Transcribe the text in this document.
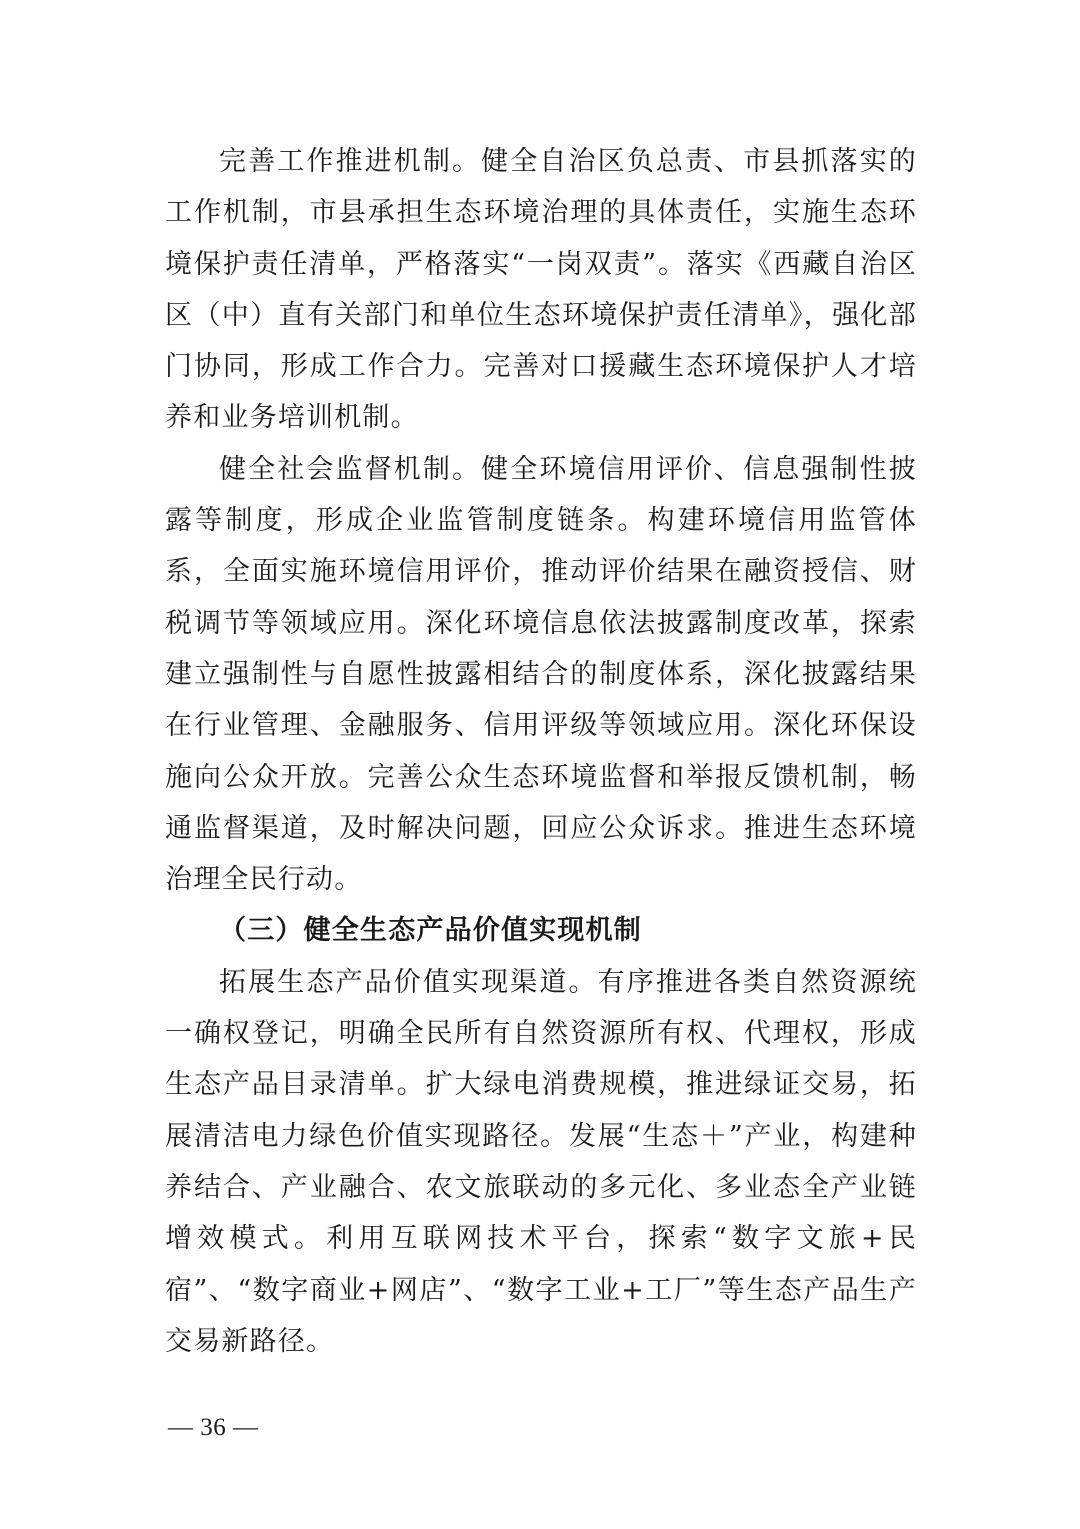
完善工作推进机制。健全自治区负总责、市县抓落实的工作机制，市县承担生态环境治理的具体责任，实施生态环境保护责任清单，严格落实“一岗双责”。落实《西藏自治区区（中）直有关部门和单位生态环境保护责任清单》，强化部门协同，形成工作合力。完善对口援藏生态环境保护人才培养和业务培训机制。

健全社会监督机制。健全环境信用评价、信息强制性披露等制度，形成企业监管制度链条。构建环境信用监管体系，全面实施环境信用评价，推动评价结果在融资授信、财税调节等领域应用。深化环境信息依法披露制度改革，探索建立强制性与自愿性披露相结合的制度体系，深化披露结果在行业管理、金融服务、信用评级等领域应用。深化环保设施向公众开放。完善公众生态环境监督和举报反馈机制，畅通监督渠道，及时解决问题，回应公众诉求。推进生态环境治理全民行动。

（三）健全生态产品价值实现机制

拓展生态产品价值实现渠道。有序推进各类自然资源统一确权登记，明确全民所有自然资源所有权、代理权，形成生态产品目录清单。扩大绿电消费规模，推进绿证交易，拓展清洁电力绿色价值实现路径。发展“生态＋”产业，构建种养结合、产业融合、农文旅联动的多元化、多业态全产业链增效模式。利用互联网技术平台，探索“数字文旅+民宿”、“数字商业+网店”、“数字工业+工厂”等生态产品生产交易新路径。

— 36 —
